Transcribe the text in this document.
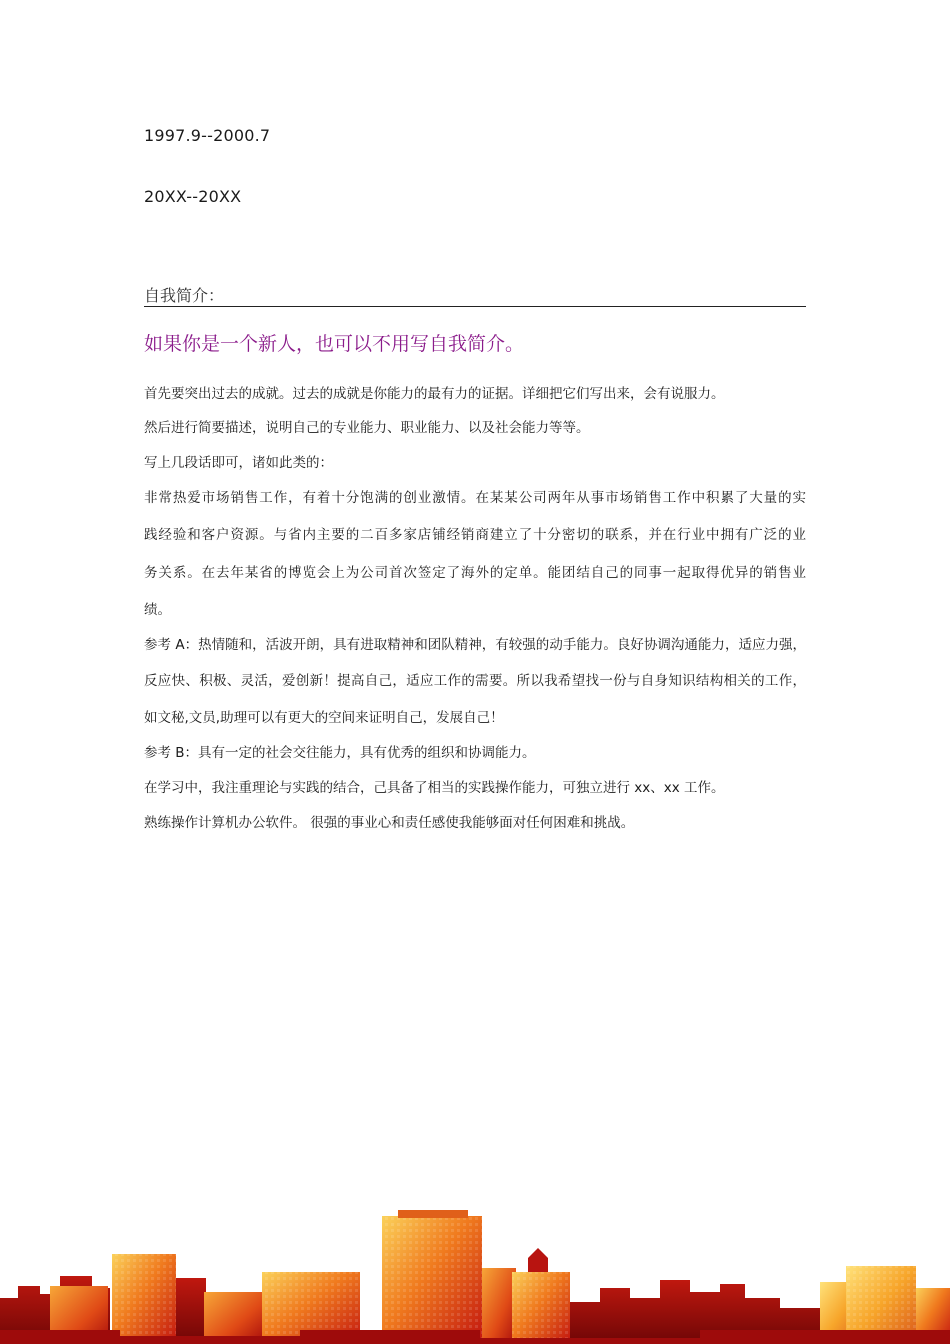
1997.9--2000.7
20XX--20XX
自我简介：
如果你是一个新人，也可以不用写自我简介。
首先要突出过去的成就。过去的成就是你能力的最有力的证据。详细把它们写出来，会有说服力。
然后进行简要描述，说明自己的专业能力、职业能力、以及社会能力等等。
写上几段话即可，诸如此类的：
非常热爱市场销售工作，有着十分饱满的创业激情。在某某公司两年从事市场销售工作中积累了大量的实
践经验和客户资源。与省内主要的二百多家店铺经销商建立了十分密切的联系，并在行业中拥有广泛的业
务关系。在去年某省的博览会上为公司首次签定了海外的定单。能团结自己的同事一起取得优异的销售业
绩。
参考 A：热情随和，活波开朗，具有进取精神和团队精神，有较强的动手能力。良好协调沟通能力，适应力强，
反应快、积极、灵活，爱创新！提高自己，适应工作的需要。所以我希望找一份与自身知识结构相关的工作，
如文秘,文员,助理可以有更大的空间来证明自己，发展自己！
参考 B：具有一定的社会交往能力，具有优秀的组织和协调能力。
在学习中，我注重理论与实践的结合，己具备了相当的实践操作能力，可独立进行 xx、xx 工作。
熟练操作计算机办公软件。 很强的事业心和责任感使我能够面对任何困难和挑战。
